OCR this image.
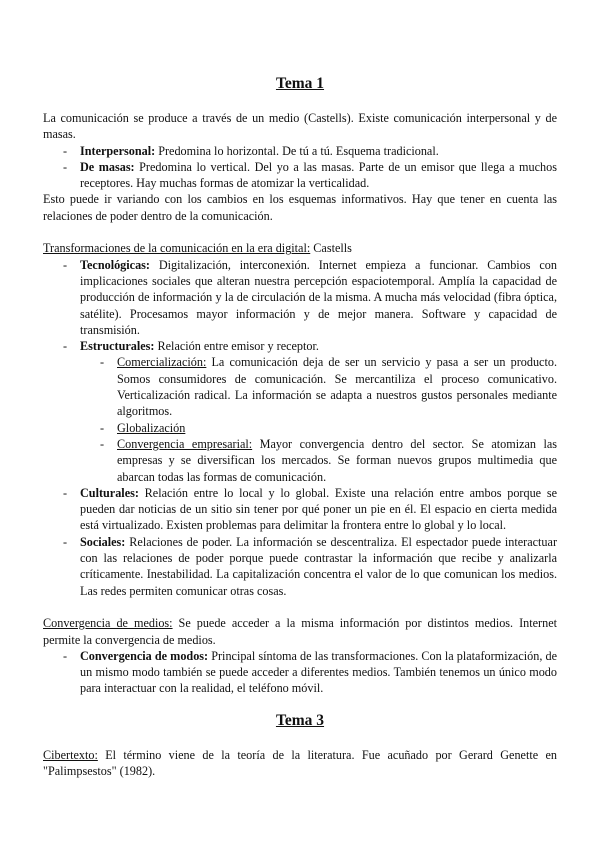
Tema 1

La comunicación se produce a través de un medio (Castells). Existe comunicación interpersonal y de masas.

- Interpersonal: Predomina lo horizontal. De tú a tú. Esquema tradicional.
- De masas: Predomina lo vertical. Del yo a las masas. Parte de un emisor que llega a muchos receptores. Hay muchas formas de atomizar la verticalidad.

Esto puede ir variando con los cambios en los esquemas informativos. Hay que tener en cuenta las relaciones de poder dentro de la comunicación.

Transformaciones de la comunicación en la era digital: Castells

- Tecnológicas: Digitalización, interconexión. Internet empieza a funcionar. Cambios con implicaciones sociales que alteran nuestra percepción espaciotemporal. Amplía la capacidad de producción de información y la de circulación de la misma. A mucha más velocidad (fibra óptica, satélite). Procesamos mayor información y de mejor manera. Software y capacidad de transmisión.
- Estructurales: Relación entre emisor y receptor.
- Comercialización: La comunicación deja de ser un servicio y pasa a ser un producto. Somos consumidores de comunicación. Se mercantiliza el proceso comunicativo. Verticalización radical. La información se adapta a nuestros gustos personales mediante algoritmos.
- Globalización
- Convergencia empresarial: Mayor convergencia dentro del sector. Se atomizan las empresas y se diversifican los mercados. Se forman nuevos grupos multimedia que abarcan todas las formas de comunicación.
- Culturales: Relación entre lo local y lo global. Existe una relación entre ambos porque se pueden dar noticias de un sitio sin tener por qué poner un pie en él. El espacio en cierta medida está virtualizado. Existen problemas para delimitar la frontera entre lo global y lo local.
- Sociales: Relaciones de poder. La información se descentraliza. El espectador puede interactuar con las relaciones de poder porque puede contrastar la información que recibe y analizarla críticamente. Inestabilidad. La capitalización concentra el valor de lo que comunican los medios. Las redes permiten comunicar otras cosas.

Convergencia de medios: Se puede acceder a la misma información por distintos medios. Internet permite la convergencia de medios.

- Convergencia de modos: Principal síntoma de las transformaciones. Con la plataformización, de un mismo modo también se puede acceder a diferentes medios. También tenemos un único modo para interactuar con la realidad, el teléfono móvil.
Tema 3

Cibertexto: El término viene de la teoría de la literatura. Fue acuñado por Gerard Genette en "Palimpsestos" (1982).
